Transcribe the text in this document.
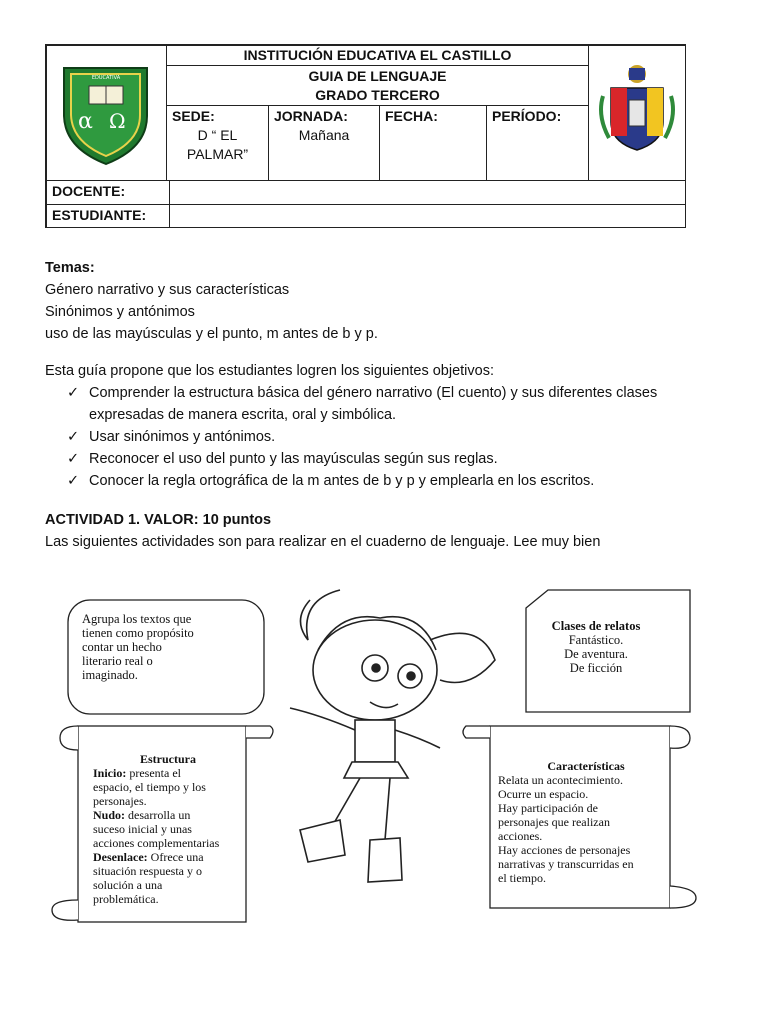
α Ω
EDUCATIVA
INSTITUCIÓN EDUCATIVA EL CASTILLO
GUIA DE LENGUAJE
GRADO TERCERO
SEDE:
D “ EL PALMAR”
JORNADA:
Mañana
FECHA:	PERÍODO:
DOCENTE:
ESTUDIANTE:

Temas:

Género narrativo y sus características

Sinónimos y antónimos

uso de las mayúsculas y el punto, m antes de b y p.

Esta guía propone que los estudiantes logren los siguientes objetivos:

✓ Comprender la estructura básica del género narrativo (El cuento) y sus diferentes clases expresadas de manera escrita, oral y simbólica.
✓ Usar sinónimos y antónimos.
✓ Reconocer el uso del punto y las mayúsculas según sus reglas.
✓ Conocer la regla ortográfica de la m antes de b y p y emplearla en los escritos.

ACTIVIDAD 1. VALOR: 10 puntos

Las siguientes actividades son para realizar en el cuaderno de lenguaje. Lee muy bien

Agrupa los textos que
tienen como propósito
contar un hecho
literario real o
imaginado.
Clases de relatos
Fantástico.
De aventura.
De ficción
Estructura
Inicio: presenta el
espacio, el tiempo y los
personajes.
Nudo: desarrolla un
suceso inicial y unas
acciones complementarias
Desenlace: Ofrece una
situación respuesta y o
solución a una
problemática.
Características
Relata un acontecimiento.
Ocurre un espacio.
Hay participación de
personajes que realizan
acciones.
Hay acciones de personajes
narrativas y transcurridas en
el tiempo.
